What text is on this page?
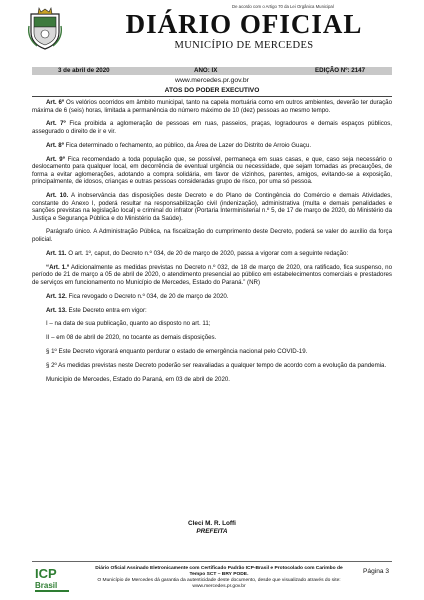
De acordo com o Artigo 70 da Lei Orgânica Municipal
DIÁRIO OFICIAL
MUNICÍPIO DE MERCEDES
3 de abril de 2020	ANO: IX	EDIÇÃO Nº: 2147
www.mercedes.pr.gov.br
ATOS DO PODER EXECUTIVO

Art. 6º Os velórios ocorridos em âmbito municipal, tanto na capela mortuária como em outros ambientes, deverão ter duração máxima de 6 (seis) horas, limitada a permanência do número máximo de 10 (dez) pessoas ao mesmo tempo.

Art. 7º Fica proibida a aglomeração de pessoas em ruas, passeios, praças, logradouros e demais espaços públicos, assegurado o direito de ir e vir.

Art. 8º Fica determinado o fechamento, ao público, da Área de Lazer do Distrito de Arroio Guaçu.

Art. 9º Fica recomendado a toda população que, se possível, permaneça em suas casas, e que, caso seja necessário o deslocamento para qualquer local, em decorrência de eventual urgência ou necessidade, que sejam tomadas as precauções, de forma a evitar aglomerações, adotando a compra solidária, em favor de vizinhos, parentes, amigos, evitando-se a exposição, principalmente, de idosos, crianças e outras pessoas consideradas grupo de risco, por uma só pessoa.

Art. 10. A inobservância das disposições deste Decreto e do Plano de Contingência do Comércio e demais Atividades, constante do Anexo I, poderá resultar na responsabilização civil (indenização), administrativa (multa e demais penalidades e sanções previstas na legislação local) e criminal do infrator (Portaria Interministerial n.º 5, de 17 de março de 2020, do Ministério da Justiça e Segurança Pública e do Ministério da Saúde).

Parágrafo único. A Administração Pública, na fiscalização do cumprimento deste Decreto, poderá se valer do auxílio da força policial.

Art. 11. O art. 1º, caput, do Decreto n.º 034, de 20 de março de 2020, passa a vigorar com a seguinte redação:

“Art. 1.º Adicionalmente as medidas previstas no Decreto n.º 032, de 18 de março de 2020, ora ratificado, fica suspenso, no período de 21 de março a 05 de abril de 2020, o atendimento presencial ao público em estabelecimentos comerciais e prestadores de serviços em funcionamento no Município de Mercedes, Estado do Paraná.” (NR)

Art. 12. Fica revogado o Decreto n.º 034, de 20 de março de 2020.

Art. 13. Este Decreto entra em vigor:

I – na data de sua publicação, quanto ao disposto no art. 11;

II – em 08 de abril de 2020, no tocante as demais disposições.

§ 1º Este Decreto vigorará enquanto perdurar o estado de emergência nacional pelo COVID-19.

§ 2º As medidas previstas neste Decreto poderão ser reavaliadas a qualquer tempo de acordo com a evolução da pandemia.

Município de Mercedes, Estado do Paraná, em 03 de abril de 2020.

Cleci M. R. Loffi
PREFEITA
ICP
Brasil
Diário Oficial Assinado Eletronicamente com Certificado Padrão ICP-Brasil e Protocolado com Carimbo de Tempo SCT – BRY PODE.
O Município de Mercedes dá garantia da autenticidade deste documento, desde que visualizado através do site: www.mercedes.pr.gov.br
Página 3
